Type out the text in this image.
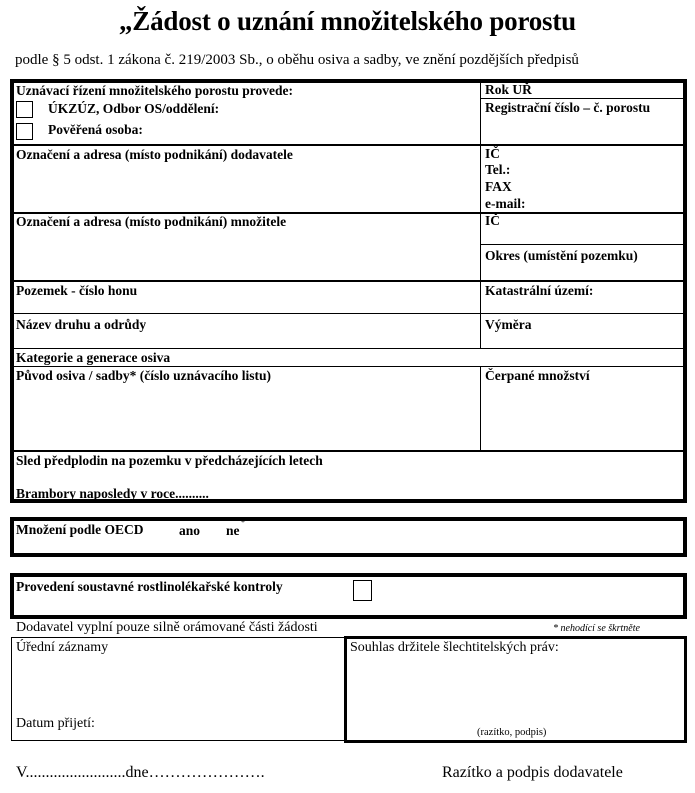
„Žádost o uznání množitelského porostu
podle § 5 odst. 1 zákona č. 219/2003 Sb., o oběhu osiva a sadby, ve znění pozdějších předpisů
Uznávací řízení množitelského porostu provede:
ÚKZÚZ, Odbor OS/oddělení:
Pověřená osoba:
Rok UŘ
Registrační číslo – č. porostu
Označení a adresa (místo podnikání) dodavatele	IČ
Tel.:
FAX
e-mail:
Označení a adresa (místo podnikání) množitele	IČ
Okres (umístění pozemku)
Pozemek - číslo honu	Katastrální území:
Název druhu a odrůdy	Výměra
Kategorie a generace osiva
Původ osiva / sadby* (číslo uznávacího listu)	Čerpané množství
Sled předplodin na pozemku v předcházejících letech
Brambory naposledy v roce..........
Množení podle OECD	ano ne
*
Provedení soustavné rostlinolékařské kontroly
Dodavatel vyplní pouze silně orámované části žádosti	* nehodící se škrtněte
Úřední záznamy
Datum přijetí:
Souhlas držitele šlechtitelských práv:
(razítko, podpis)
V.........................dne………………….	Razítko a podpis dodavatele
